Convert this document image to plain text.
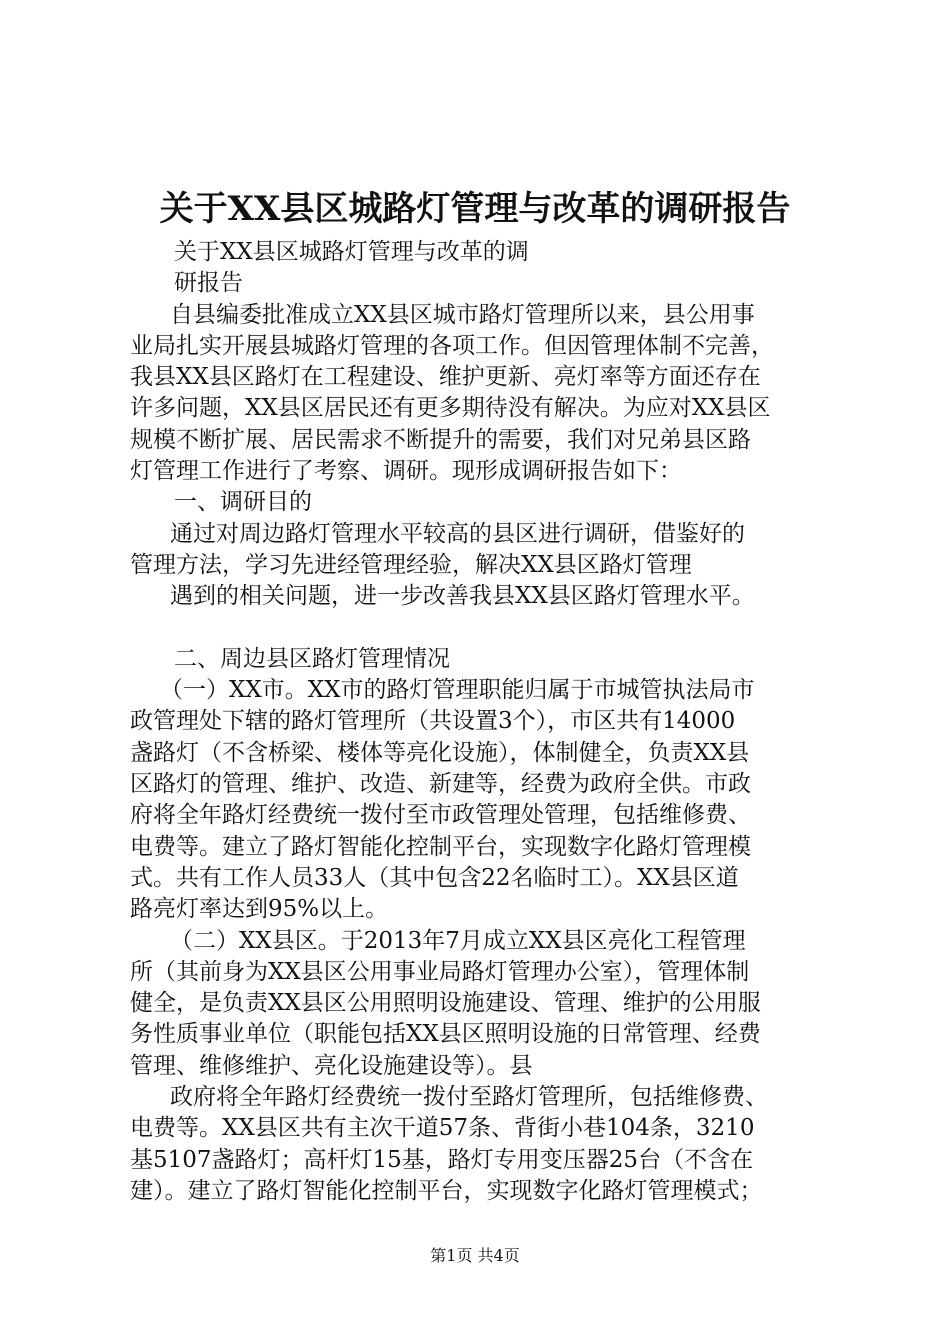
关于XX县区城路灯管理与改革的调研报告
关于XX县区城路灯管理与改革的调
研报告
自县编委批准成立XX县区城市路灯管理所以来，县公用事
业局扎实开展县城路灯管理的各项工作。但因管理体制不完善，
我县XX县区路灯在工程建设、维护更新、亮灯率等方面还存在
许多问题，XX县区居民还有更多期待没有解决。为应对XX县区
规模不断扩展、居民需求不断提升的需要，我们对兄弟县区路
灯管理工作进行了考察、调研。现形成调研报告如下：
一、调研目的
通过对周边路灯管理水平较高的县区进行调研，借鉴好的
管理方法，学习先进经管理经验，解决XX县区路灯管理
遇到的相关问题，进一步改善我县XX县区路灯管理水平。
二、周边县区路灯管理情况
（一）XX市。XX市的路灯管理职能归属于市城管执法局市
政管理处下辖的路灯管理所（共设置3个），市区共有14000
盏路灯（不含桥梁、楼体等亮化设施），体制健全，负责XX县
区路灯的管理、维护、改造、新建等，经费为政府全供。市政
府将全年路灯经费统一拨付至市政管理处管理，包括维修费、
电费等。建立了路灯智能化控制平台，实现数字化路灯管理模
式。共有工作人员33人（其中包含22名临时工）。XX县区道
路亮灯率达到95%以上。
（二）XX县区。于2013年7月成立XX县区亮化工程管理
所（其前身为XX县区公用事业局路灯管理办公室），管理体制
健全，是负责XX县区公用照明设施建设、管理、维护的公用服
务性质事业单位（职能包括XX县区照明设施的日常管理、经费
管理、维修维护、亮化设施建设等）。县
政府将全年路灯经费统一拨付至路灯管理所，包括维修费、
电费等。XX县区共有主次干道57条、背街小巷104条，3210
基5107盏路灯；高杆灯15基，路灯专用变压器25台（不含在
建）。建立了路灯智能化控制平台，实现数字化路灯管理模式；
第1页 共4页
